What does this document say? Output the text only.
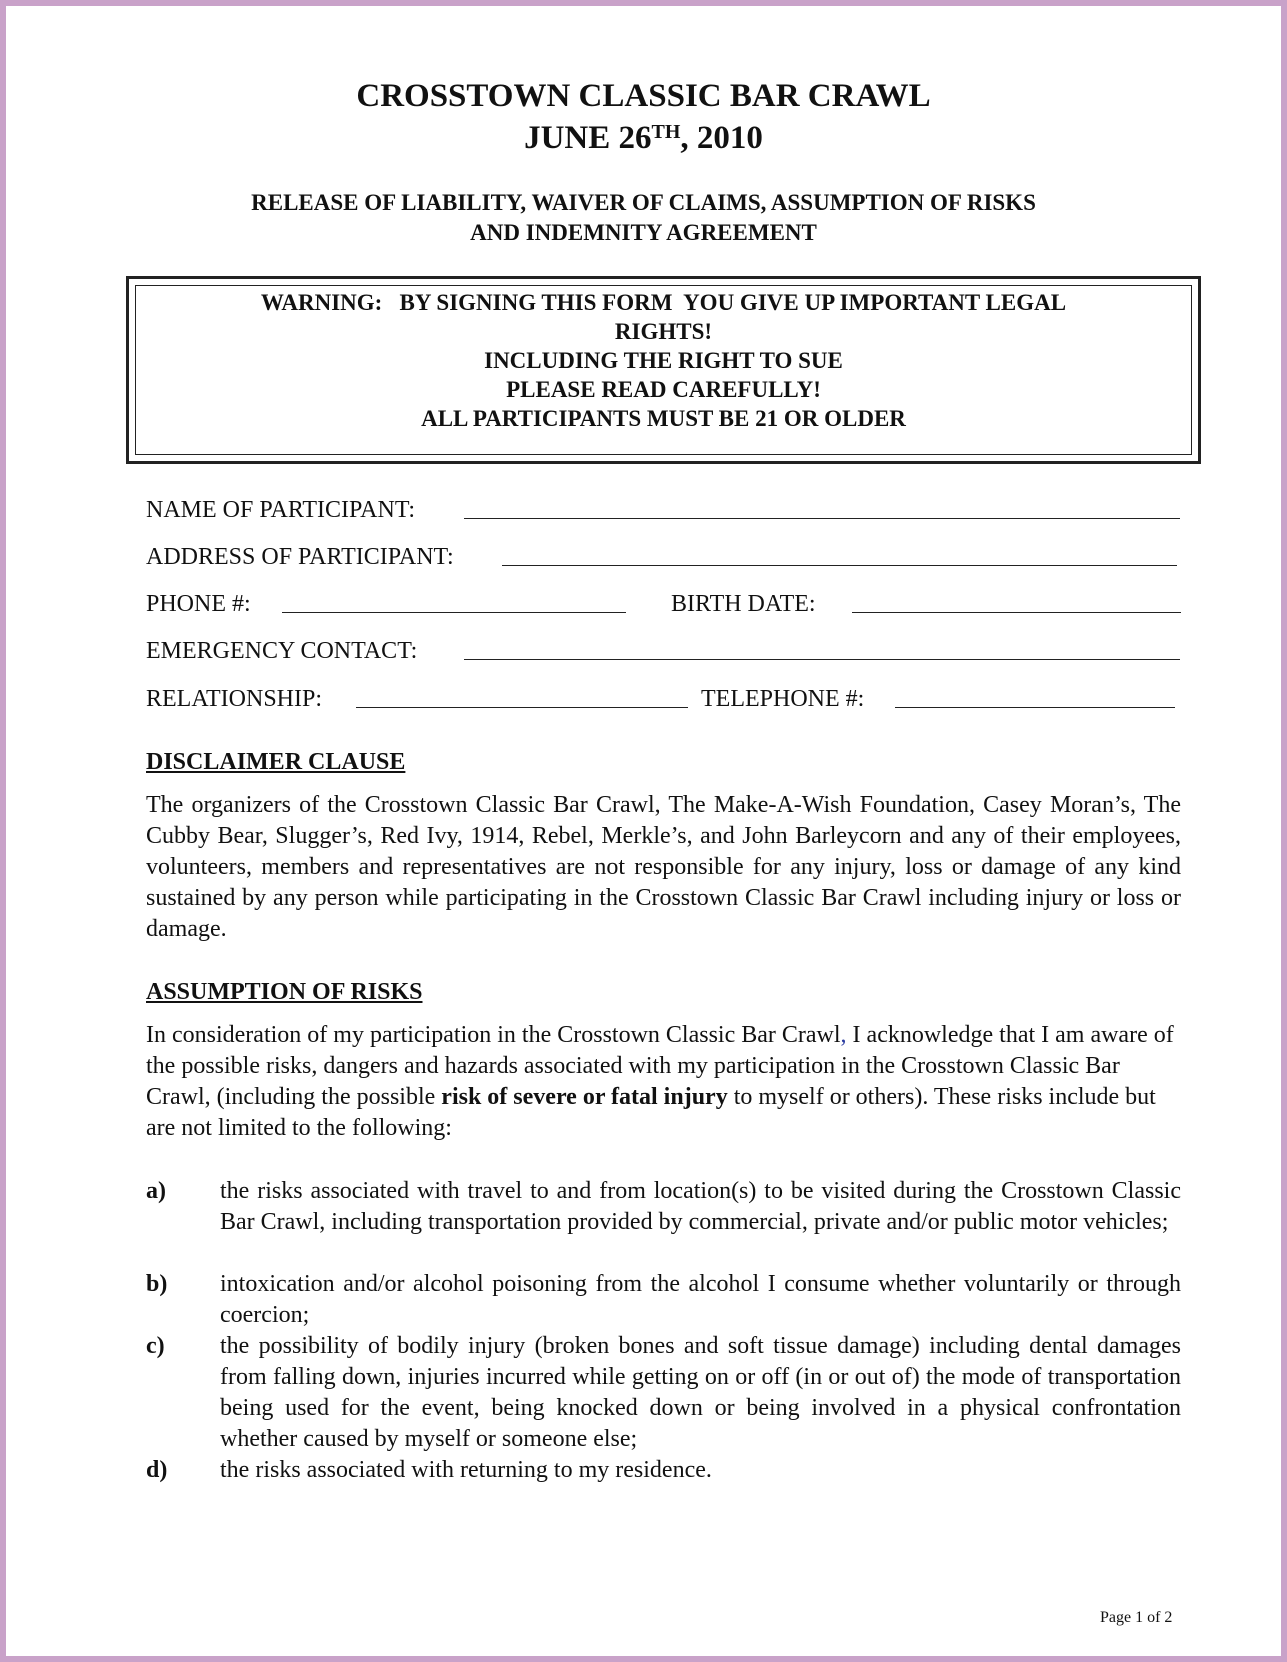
CROSSTOWN CLASSIC BAR CRAWL
JUNE 26TH, 2010
RELEASE OF LIABILITY, WAIVER OF CLAIMS, ASSUMPTION OF RISKS
AND INDEMNITY AGREEMENT
WARNING:   BY SIGNING THIS FORM  YOU GIVE UP IMPORTANT LEGAL
RIGHTS!
INCLUDING THE RIGHT TO SUE
PLEASE READ CAREFULLY!
ALL PARTICIPANTS MUST BE 21 OR OLDER
NAME OF PARTICIPANT:
ADDRESS OF PARTICIPANT:
PHONE #:	BIRTH DATE:
EMERGENCY CONTACT:
RELATIONSHIP:	TELEPHONE #:
DISCLAIMER CLAUSE
The organizers of the Crosstown Classic Bar Crawl, The Make-A-Wish Foundation, Casey Moran’s, The Cubby Bear, Slugger’s, Red Ivy, 1914, Rebel, Merkle’s, and John Barleycorn and any of their employees, volunteers, members and representatives are not responsible for any injury, loss or damage of any kind sustained by any person while participating in the Crosstown Classic Bar Crawl including injury or loss or damage.
ASSUMPTION OF RISKS
In consideration of my participation in the Crosstown Classic Bar Crawl, I acknowledge that I am aware of the possible risks, dangers and hazards associated with my participation in the Crosstown Classic Bar Crawl, (including the possible risk of severe or fatal injury to myself or others). These risks include but are not limited to the following:
a) the risks associated with travel to and from location(s) to be visited during the Crosstown Classic Bar Crawl, including transportation provided by commercial, private and/or public motor vehicles;
b) intoxication and/or alcohol poisoning from the alcohol I consume whether voluntarily or through coercion;
c) the possibility of bodily injury (broken bones and soft tissue damage) including dental damages from falling down, injuries incurred while getting on or off (in or out of) the mode of transportation being used for the event, being knocked down or being involved in a physical confrontation whether caused by myself or someone else;
d) the risks associated with returning to my residence.
Page 1 of 2
